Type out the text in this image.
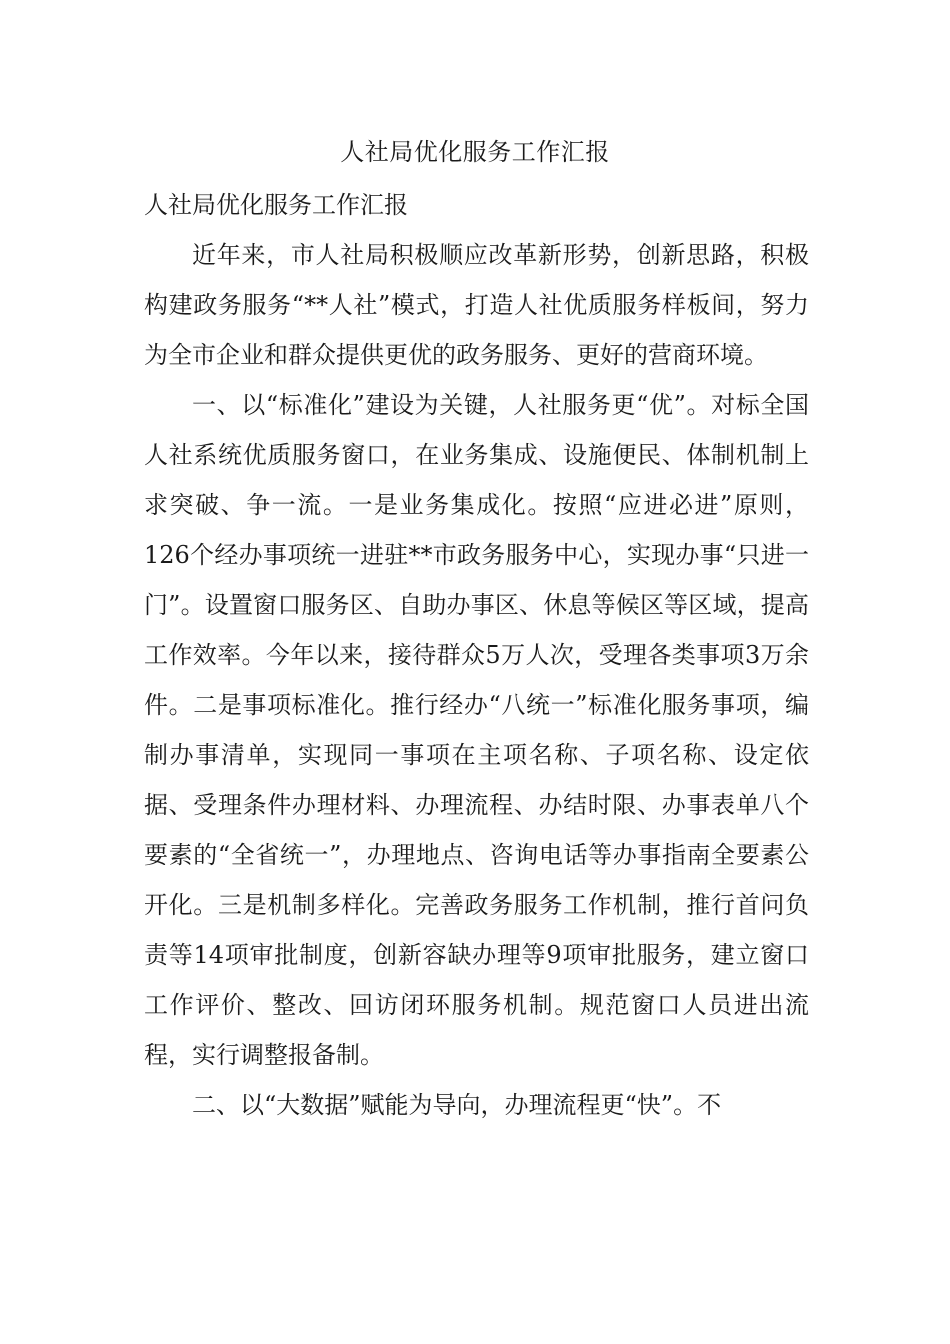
人社局优化服务工作汇报

人社局优化服务工作汇报

近年来，市人社局积极顺应改革新形势，创新思路，积极构建政务服务“**人社”模式，打造人社优质服务样板间，努力为全市企业和群众提供更优的政务服务、更好的营商环境。

一、以“标准化”建设为关键，人社服务更“优”。对标全国人社系统优质服务窗口，在业务集成、设施便民、体制机制上求突破、争一流。一是业务集成化。按照“应进必进”原则，126个经办事项统一进驻**市政务服务中心，实现办事“只进一门”。设置窗口服务区、自助办事区、休息等候区等区域，提高工作效率。今年以来，接待群众5万人次，受理各类事项3万余件。二是事项标准化。推行经办“八统一”标准化服务事项，编制办事清单，实现同一事项在主项名称、子项名称、设定依据、受理条件办理材料、办理流程、办结时限、办事表单八个要素的“全省统一”，办理地点、咨询电话等办事指南全要素公开化。三是机制多样化。完善政务服务工作机制，推行首问负责等14项审批制度，创新容缺办理等9项审批服务，建立窗口工作评价、整改、回访闭环服务机制。规范窗口人员进出流程，实行调整报备制。

二、以“大数据”赋能为导向，办理流程更“快”。不
